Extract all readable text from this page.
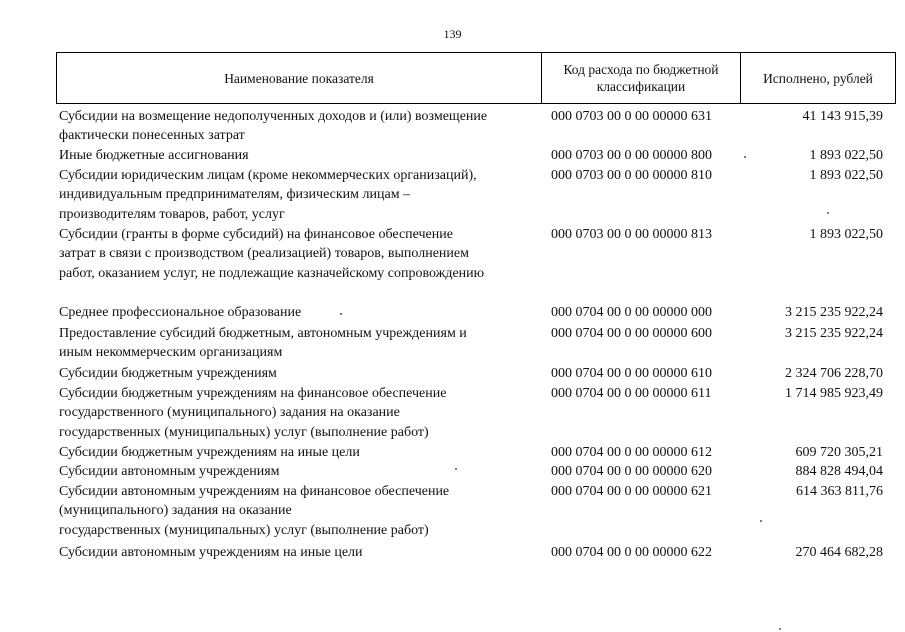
139
Наименование показателя	Код расхода по бюджетной классификации	Исполнено, рублей
Субсидии на возмещение недополученных доходов и (или) возмещение
фактически понесенных затрат
000 0703 00 0 00 00000 631	41 143 915,39
Иные бюджетные ассигнования	000 0703 00 0 00 00000 800	1 893 022,50
Субсидии юридическим лицам (кроме некоммерческих организаций),
индивидуальным предпринимателям, физическим лицам –
производителям товаров, работ, услуг
000 0703 00 0 00 00000 810	1 893 022,50
Субсидии (гранты в форме субсидий) на финансовое обеспечение
затрат в связи с производством (реализацией) товаров, выполнением
работ, оказанием услуг, не подлежащие казначейскому сопровождению
000 0703 00 0 00 00000 813	1 893 022,50
Среднее профессиональное образование	000 0704 00 0 00 00000 000	3 215 235 922,24
Предоставление субсидий бюджетным, автономным учреждениям и
иным некоммерческим организациям
000 0704 00 0 00 00000 600	3 215 235 922,24
Субсидии бюджетным учреждениям	000 0704 00 0 00 00000 610	2 324 706 228,70
Субсидии бюджетным учреждениям на финансовое обеспечение
государственного (муниципального) задания на оказание
государственных (муниципальных) услуг (выполнение работ)
000 0704 00 0 00 00000 611	1 714 985 923,49
Субсидии бюджетным учреждениям на иные цели	000 0704 00 0 00 00000 612	609 720 305,21
Субсидии автономным учреждениям	000 0704 00 0 00 00000 620	884 828 494,04
Субсидии автономным учреждениям на финансовое обеспечение
(муниципального) задания на оказание
государственных (муниципальных) услуг (выполнение работ)
000 0704 00 0 00 00000 621	614 363 811,76
Субсидии автономным учреждениям на иные цели	000 0704 00 0 00 00000 622	270 464 682,28
